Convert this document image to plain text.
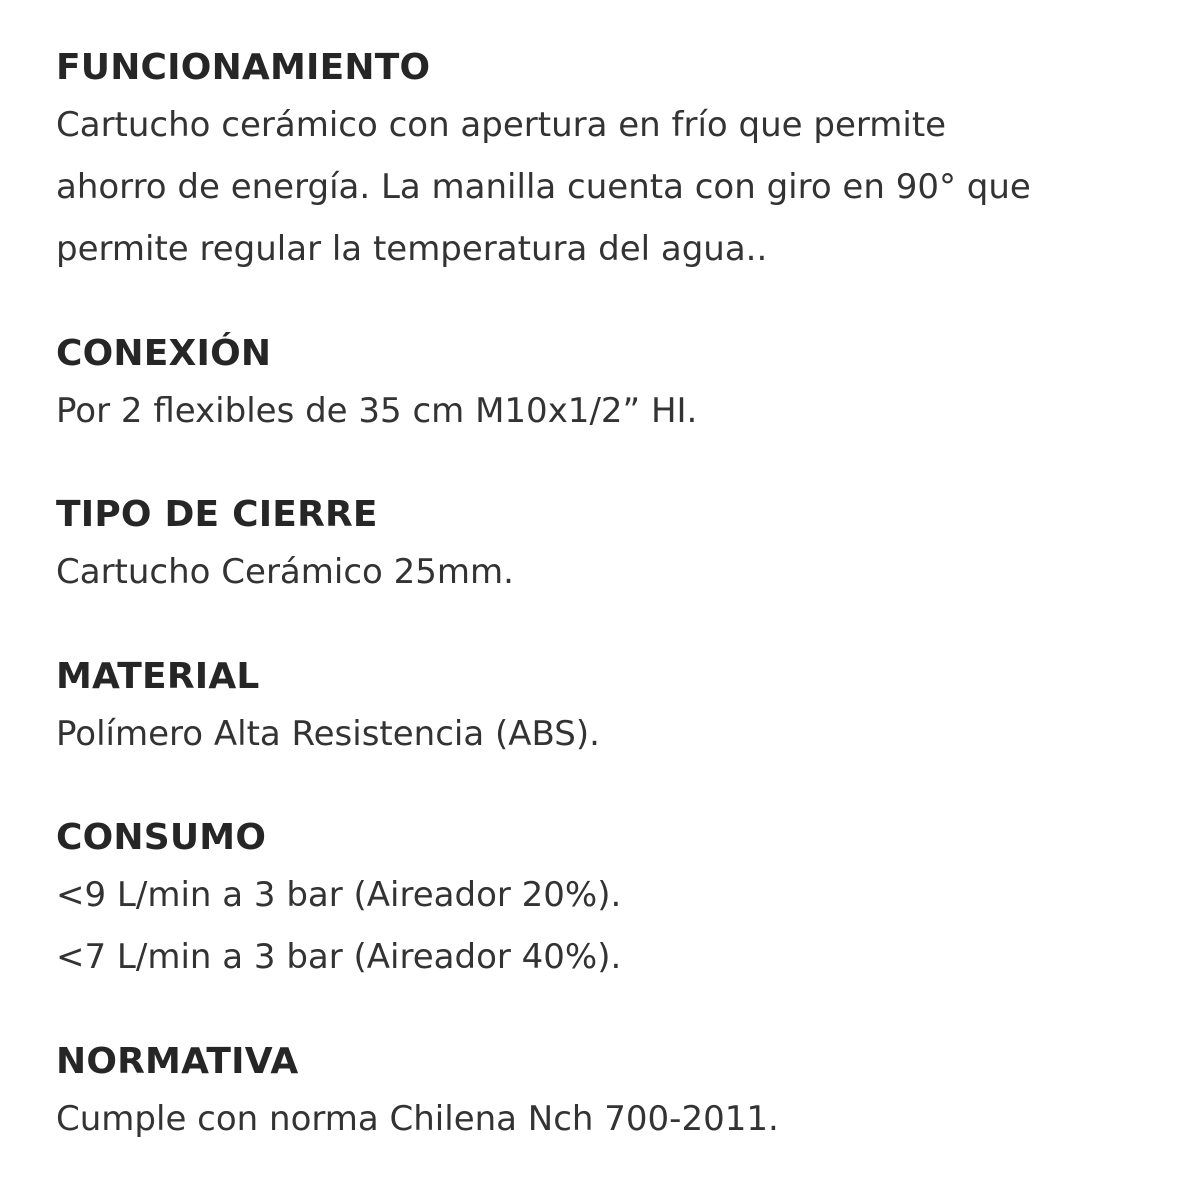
FUNCIONAMIENTO

Cartucho cerámico con apertura en frío que permite

ahorro de energía. La manilla cuenta con giro en 90° que

permite regular la temperatura del agua..

CONEXIÓN

Por 2 flexibles de 35 cm M10x1/2” HI.

TIPO DE CIERRE

Cartucho Cerámico 25mm.

MATERIAL

Polímero Alta Resistencia (ABS).

CONSUMO

<9 L/min a 3 bar (Aireador 20%).

<7 L/min a 3 bar (Aireador 40%).

NORMATIVA

Cumple con norma Chilena Nch 700-2011.
